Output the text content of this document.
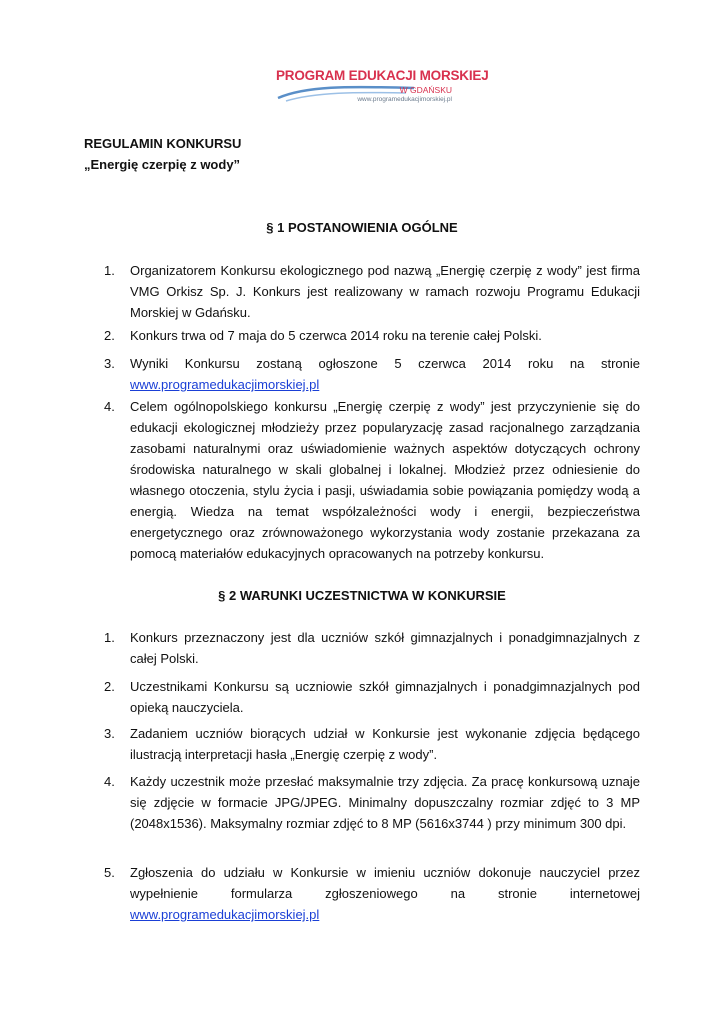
PROGRAM EDUKACJI MORSKIEJ
W GDAŃSKU
www.programedukacjimorskiej.pl
REGULAMIN KONKURSU
„Energię czerpię z wody”
§ 1 POSTANOWIENIA OGÓLNE
1.	Organizatorem Konkursu ekologicznego pod nazwą „Energię czerpię z wody” jest firma VMG Orkisz Sp. J. Konkurs jest realizowany w ramach rozwoju Programu Edukacji Morskiej w Gdańsku.
2.	Konkurs trwa od 7 maja do 5 czerwca 2014 roku na terenie całej Polski.
3.	Wyniki Konkursu zostaną ogłoszone 5 czerwca 2014 roku na stronie
www.programedukacjimorskiej.pl
4.	Celem ogólnopolskiego konkursu „Energię czerpię z wody” jest przyczynienie się do edukacji ekologicznej młodzieży przez popularyzację zasad racjonalnego zarządzania zasobami naturalnymi oraz uświadomienie ważnych aspektów dotyczących ochrony środowiska naturalnego w skali globalnej i lokalnej. Młodzież przez odniesienie do własnego otoczenia, stylu życia i pasji, uświadamia sobie powiązania pomiędzy wodą a energią. Wiedza na temat współzależności wody i energii, bezpieczeństwa energetycznego oraz zrównoważonego wykorzystania wody zostanie przekazana za pomocą materiałów edukacyjnych opracowanych na potrzeby konkursu.
§ 2 WARUNKI UCZESTNICTWA W KONKURSIE
1.	Konkurs przeznaczony jest dla uczniów szkół gimnazjalnych i ponadgimnazjalnych z całej Polski.
2.	Uczestnikami Konkursu są uczniowie szkół gimnazjalnych i ponadgimnazjalnych pod opieką nauczyciela.
3.	Zadaniem uczniów biorących udział w Konkursie jest wykonanie zdjęcia będącego ilustracją interpretacji hasła „Energię czerpię z wody”.
4.	Każdy uczestnik może przesłać maksymalnie trzy zdjęcia. Za pracę konkursową uznaje się zdjęcie w formacie JPG/JPEG. Minimalny dopuszczalny rozmiar zdjęć to 3 MP (2048x1536). Maksymalny rozmiar zdjęć to 8 MP (5616x3744 ) przy minimum 300 dpi.
5.	Zgłoszenia do udziału w Konkursie w imieniu uczniów dokonuje nauczyciel przez wypełnienie formularza zgłoszeniowego na stronie internetowej
www.programedukacjimorskiej.pl
